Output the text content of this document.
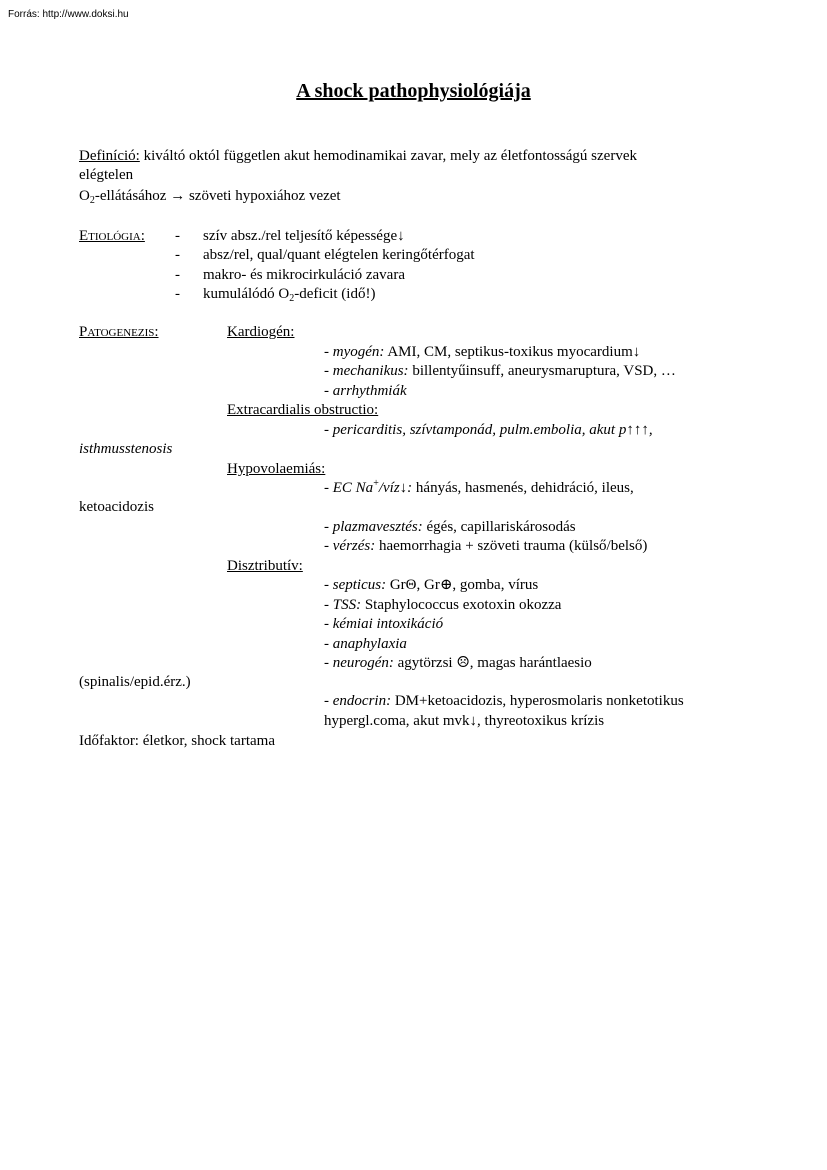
Forrás: http://www.doksi.hu
A shock pathophysiológiája
Definíció: kiváltó októl független akut hemodinamikai zavar, mely az életfontosságú szervek
elégtelen
$O_2$-ellátásához → szöveti hypoxiához vezet
Etiológia: - szív absz./rel teljesítő képessége↓
- absz/rel, qual/quant elégtelen keringőtérfogat
- makro- és mikrocirkuláció zavara
- kumulálódó $O_2$-deficit (idő!)
Patogenezis:	Kardiogén:
- myogén: AMI, CM, septikus-toxikus myocardium↓
- mechanikus: billentyűinsuff, aneurysmaruptura, VSD, …
- arrhythmiák
Extracardialis obstructio:
- pericarditis, szívtamponád, pulm.embolia, akut p↑↑↑,
isthmusstenosis
Hypovolaemiás:
- EC Na+/víz↓: hányás, hasmenés, dehidráció, ileus,
ketoacidozis
- plazmavesztés: égés, capillariskárosodás
- vérzés: haemorrhagia + szöveti trauma (külső/belső)
Disztributív:
- septicus: GrΘ, Gr⊕, gomba, vírus
- TSS: Staphylococcus exotoxin okozza
- kémiai intoxikáció
- anaphylaxia
- neurogén: agytörzsi ☹, magas harántlaesio
(spinalis/epid.érz.)
- endocrin: DM+ketoacidozis, hyperosmolaris nonketotikus
hypergl.coma, akut mvk↓, thyreotoxikus krízis
Időfaktor: életkor, shock tartama
